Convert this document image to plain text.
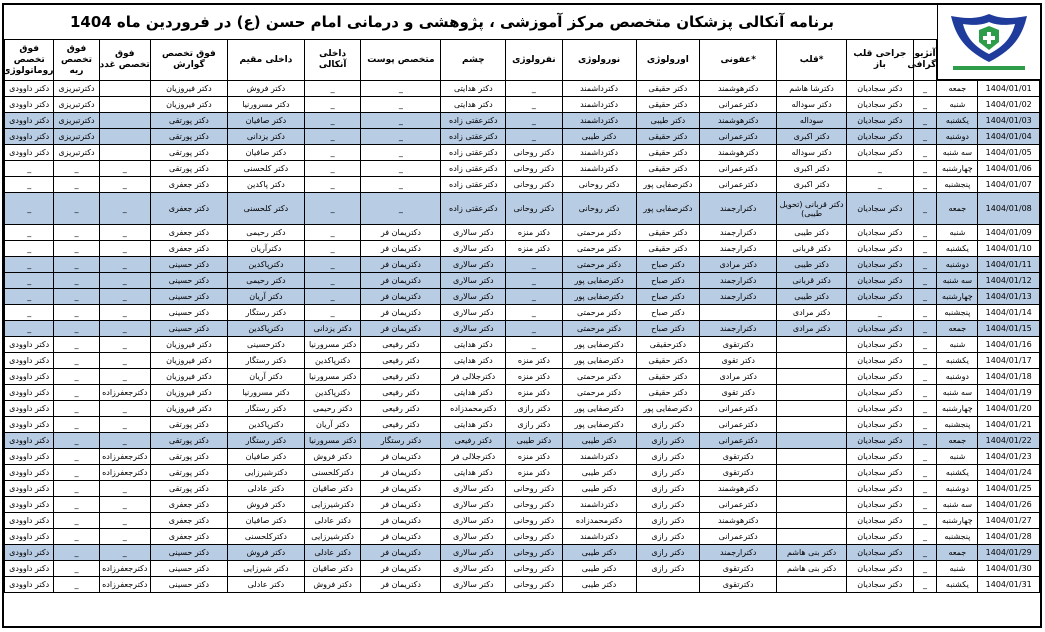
برنامه آنکالی پزشکان متخصص مرکز آموزشی ، پژوهشی و درمانی امام حسن (ع) در فروردین ماه 1404
		آنژیو گرافی	جراحی قلب باز	*قلب	*عفونی	اورولوژی	نورولوژی	نفرولوژی	چشم	متخصص پوست	داخلی آنکالی	داخلی مقیم	فوق تخصص گوارش	فوق تخصص غدد	فوق تخصص ریه	فوق تخصص روماتولوژی
1404/01/01	جمعه	_	دکتر سجادیان	دکترشا هاشم	دکترهوشمند	دکتر حقیقی	دکترداشمند	_	دکتر هدایتی	_	_	دکتر فروش	دکتر فیروزیان		دکترتبریزی	دکتر داوودی
1404/01/02	شنبه	_	دکتر سجادیان	دکتر سوداله	دکترعمرانی	دکتر حقیقی	دکترداشمند	_	دکتر هدایتی	_	_	دکتر مسرورنیا	دکتر فیروزیان		دکترتبریزی	دکتر داوودی
1404/01/03	یکشنبه	_	دکتر سجادیان	سوداله	دکترهوشمند	دکتر طیبی	دکترداشمند	_	دکترعقتی زاده	_	_	دکتر صافیان	دکتر پورتقی		دکترتبریزی	دکتر داوودی
1404/01/04	دوشنبه	_	دکتر سجادیان	دکتر اکبری	دکترعمرانی	دکتر حقیقی	دکتر طیبی	_	دکترعقتی زاده	_	_	دکتر یزدانی	دکتر پورتقی		دکترتبریزی	دکتر داوودی
1404/01/05	سه شنبه	_	دکتر سجادیان	دکتر سوداله	دکترهوشمند	دکتر حقیقی	دکترداشمند	دکتر روحانی	دکترعقتی زاده	_	_	دکتر صافیان	دکتر پورتقی		دکترتبریزی	دکتر داوودی
1404/01/06	چهارشنبه	_	_	دکتر اکبری	دکترعمرانی	دکتر حقیقی	دکترداشمند	دکتر روحانی	دکترعقتی زاده	_	_	دکتر کلحسنی	دکتر پورتقی	_	_	_
1404/01/07	پنجشنبه	_	_	دکتر اکبری	دکترعمرانی	دکترصفایی پور	دکتر روحانی	دکتر روحانی	دکترعقتی زاده	_	_	دکتر پاکدین	دکتر جعفری	_	_	_
1404/01/08	جمعه	_	دکتر سجادیان	دکتر قربانی (تحویل طیبی)	دکترارجمند	دکترصفایی پور	دکتر روحانی	دکتر روحانی	دکترعقتی زاده	_	_	دکتر کلحسنی	دکتر جعفری	_	_	_
1404/01/09	شنبه	_	دکتر سجادیان	دکتر طیبی	دکترارجمند	دکتر حقیقی	دکتر مرحمتی	دکتر منزه	دکتر سالاری	دکتریمان فر	_	دکتر رحیمی	دکتر جعفری	_	_	_
1404/01/10	یکشنبه	_	دکتر سجادیان	دکتر قربانی	دکترارجمند	دکتر حقیقی	دکتر مرحمتی	دکتر منزه	دکتر سالاری	دکتریمان فر	_	دکترآریان	دکتر جعفری	_	_	_
1404/01/11	دوشنبه	_	دکتر سجادیان	دکتر طیبی	دکتر مرادی	دکتر صباح	دکتر مرحمتی	_	دکتر سالاری	دکتریمان فر	_	دکترپاکدین	دکتر حسینی	_	_	_
1404/01/12	سه شنبه	_	دکتر سجادیان	دکتر قربانی	دکترارجمند	دکتر صباح	دکترصفایی پور	_	دکتر سالاری	دکتریمان فر	_	دکتر رحیمی	دکتر حسینی	_	_	_
1404/01/13	چهارشنبه	_	دکتر سجادیان	دکتر طیبی	دکترارجمند	دکتر صباح	دکترصفایی پور	_	دکتر سالاری	دکتریمان فر	_	دکتر آریان	دکتر حسینی	_	_	_
1404/01/14	پنجشنبه	_	_	دکتر مرادی		دکتر صباح	دکتر مرحمتی	_	دکتر سالاری	دکتریمان فر	_	دکتر رستگار	دکتر حسینی	_	_	_
1404/01/15	جمعه	_	دکتر سجادیان	دکتر مرادی	دکترارجمند	دکتر صباح	دکتر مرحمتی	_	دکتر سالاری	دکتریمان فر	دکتر یزدانی	دکترپاکدین	دکتر حسینی	_	_	_
1404/01/16	شنبه	_	دکتر سجادیان		دکترتقوی	دکترحقیقی	دکترصفایی پور	_	دکتر هدایتی	دکتر رفیعی	دکتر مسرورنیا	دکترحسینی	دکتر فیروزیان	_	_	دکتر داوودی
1404/01/17	یکشنبه	_	دکتر سجادیان		دکتر تقوی	دکتر حقیقی	دکترصفایی پور	دکتر منزه	دکتر هدایتی	دکتر رفیعی	دکترپاکدین	دکتر رستگار	دکتر فیروزیان	_	_	دکتر داوودی
1404/01/18	دوشنبه	_	دکتر سجادیان		دکتر مرادی	دکتر حقیقی	دکتر مرحمتی	دکتر منزه	دکترجلالی فر	دکتر رفیعی	دکتر مسرورنیا	دکتر آریان	دکتر فیروزیان	_	_	دکتر داوودی
1404/01/19	سه شنبه	_	دکتر سجادیان		دکتر تقوی	دکتر حقیقی	دکتر مرحمتی	دکتر منزه	دکتر هدایتی	دکتر رفیعی	دکترپاکدین	دکتر مسرورنیا	دکتر فیروزیان	دکترجعفرزاده	_	دکتر داوودی
1404/01/20	چهارشنبه	_	دکتر سجادیان		دکترعمرانی	دکترصفایی پور	دکترصفایی پور	دکتر رازی	دکترمحمدزاده	دکتر رفیعی	دکتر رحیمی	دکتر رستگار	دکتر فیروزیان	_	_	دکتر داوودی
1404/01/21	پنجشنبه	_	دکتر سجادیان		دکترعمرانی	دکتر رازی	دکترصفایی پور	دکتر رازی	دکتر هدایتی	دکتر رفیعی	دکتر آریان	دکترپاکدین	دکتر پورتقی	_	_	دکتر داوودی
1404/01/22	جمعه	_	دکتر سجادیان		دکترعمرانی	دکتر رازی	دکتر طیبی	دکتر طیبی	دکتر رفیعی	دکتر رستگار	دکتر مسرورنیا	دکتر رستگار	دکتر پورتقی	_	_	دکتر داوودی
1404/01/23	شنبه	_	دکتر سجادیان		دکترتقوی	دکتر رازی	دکترداشمند	دکتر منزه	دکترجلالی فر	دکتریمان فر	دکتر فروش	دکتر صافیان	دکتر پورتقی	دکترجعفرزاده	_	دکتر داوودی
1404/01/24	یکشنبه	_	دکتر سجادیان		دکترتقوی	دکتر رازی	دکتر طیبی	دکتر منزه	دکتر هدایتی	دکتریمان فر	دکترکلحسنی	دکترشیرزایی	دکتر پورتقی	دکترجعفرزاده	_	دکتر داوودی
1404/01/25	دوشنبه	_	دکتر سجادیان		دکترهوشمند	دکتر رازی	دکتر طیبی	دکتر روحانی	دکتر سالاری	دکتریمان فر	دکتر صافیان	دکتر عادلی	دکتر پورتقی	_	_	دکتر داوودی
1404/01/26	سه شنبه	_	دکتر سجادیان		دکترعمرانی	دکتر رازی	دکترداشمند	دکتر روحانی	دکتر سالاری	دکتریمان فر	دکترشیرزایی	دکتر فروش	دکتر جعفری	_	_	دکتر داوودی
1404/01/27	چهارشنبه	_	دکتر سجادیان		دکترهوشمند	دکتر رازی	دکترمحمدزاده	دکتر روحانی	دکتر سالاری	دکتریمان فر	دکتر عادلی	دکتر صافیان	دکتر جعفری	_	_	دکتر داوودی
1404/01/28	پنجشنبه	_	دکتر سجادیان		دکترعمرانی	دکتر رازی	دکترداشمند	دکتر روحانی	دکتر سالاری	دکتریمان فر	دکترشیرزایی	دکترکلحسنی	دکتر جعفری	_	_	دکتر داوودی
1404/01/29	جمعه	_	دکتر سجادیان	دکتر بنی هاشم	دکترارجمند	دکتر رازی	دکتر طیبی	دکتر روحانی	دکتر سالاری	دکتریمان فر	دکتر عادلی	دکتر فروش	دکتر حسینی	_	_	دکتر داوودی
1404/01/30	شنبه	_	دکتر سجادیان	دکتر بنی هاشم	دکترتقوی	دکتر رازی	دکتر طیبی	دکتر روحانی	دکتر سالاری	دکتریمان فر	دکتر صافیان	دکتر شیرزایی	دکتر حسینی	دکترجعفرزاده	_	دکتر داوودی
1404/01/31	یکشنبه	_	دکتر سجادیان		دکترتقوی		دکتر طیبی	دکتر روحانی	دکتر سالاری	دکتریمان فر	دکتر فروش	دکتر عادلی	دکتر حسینی	دکترجعفرزاده	_	دکتر داوودی
